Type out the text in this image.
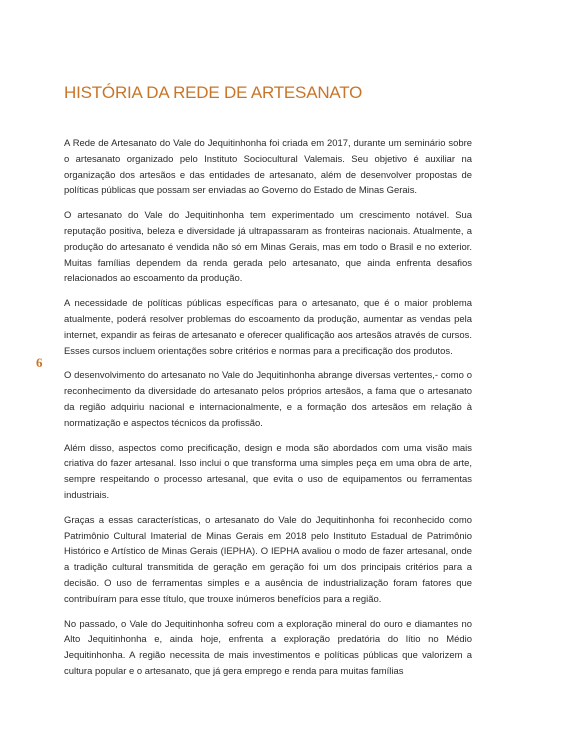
HISTÓRIA DA REDE DE ARTESANATO
6

A Rede de Artesanato do Vale do Jequitinhonha foi criada em 2017, durante um seminário sobre o artesanato organizado pelo Instituto Sociocultural Valemais. Seu objetivo é auxiliar na organização dos artesãos e das entidades de artesanato, além de desenvolver propostas de políticas públicas que possam ser enviadas ao Governo do Estado de Minas Gerais.

O artesanato do Vale do Jequitinhonha tem experimentado um crescimento notável. Sua reputação positiva, beleza e diversidade já ultrapassaram as fronteiras nacionais. Atualmente, a produção do artesanato é vendida não só em Minas Gerais, mas em todo o Brasil e no exterior. Muitas famílias dependem da renda gerada pelo artesanato, que ainda enfrenta desafios relacionados ao escoamento da produção.

A necessidade de políticas públicas específicas para o artesanato, que é o maior problema atualmente, poderá resolver problemas do escoamento da produção, aumentar as vendas pela internet, expandir as feiras de artesanato e oferecer qualificação aos artesãos através de cursos. Esses cursos incluem orientações sobre critérios e normas para a precificação dos produtos.

O desenvolvimento do artesanato no Vale do Jequitinhonha abrange diversas vertentes,- como o reconhecimento da diversidade do artesanato pelos próprios artesãos, a fama que o artesanato da região adquiriu nacional e internacionalmente, e a formação dos artesãos em relação à normatização e aspectos técnicos da profissão.

Além disso, aspectos como precificação, design e moda são abordados com uma visão mais criativa do fazer artesanal. Isso inclui o que transforma uma simples peça em uma obra de arte, sempre respeitando o processo artesanal, que evita o uso de equipamentos ou ferramentas industriais.

Graças a essas características, o artesanato do Vale do Jequitinhonha foi reconhecido como Patrimônio Cultural Imaterial de Minas Gerais em 2018 pelo Instituto Estadual de Patrimônio Histórico e Artístico de Minas Gerais (IEPHA). O IEPHA avaliou o modo de fazer artesanal, onde a tradição cultural transmitida de geração em geração foi um dos principais critérios para a decisão. O uso de ferramentas simples e a ausência de industrialização foram fatores que contribuíram para esse título, que trouxe inúmeros benefícios para a região.

No passado, o Vale do Jequitinhonha sofreu com a exploração mineral do ouro e diamantes no Alto Jequitinhonha e, ainda hoje, enfrenta a exploração predatória do lítio no Médio Jequitinhonha. A região necessita de mais investimentos e políticas públicas que valorizem a cultura popular e o artesanato, que já gera emprego e renda para muitas famílias
